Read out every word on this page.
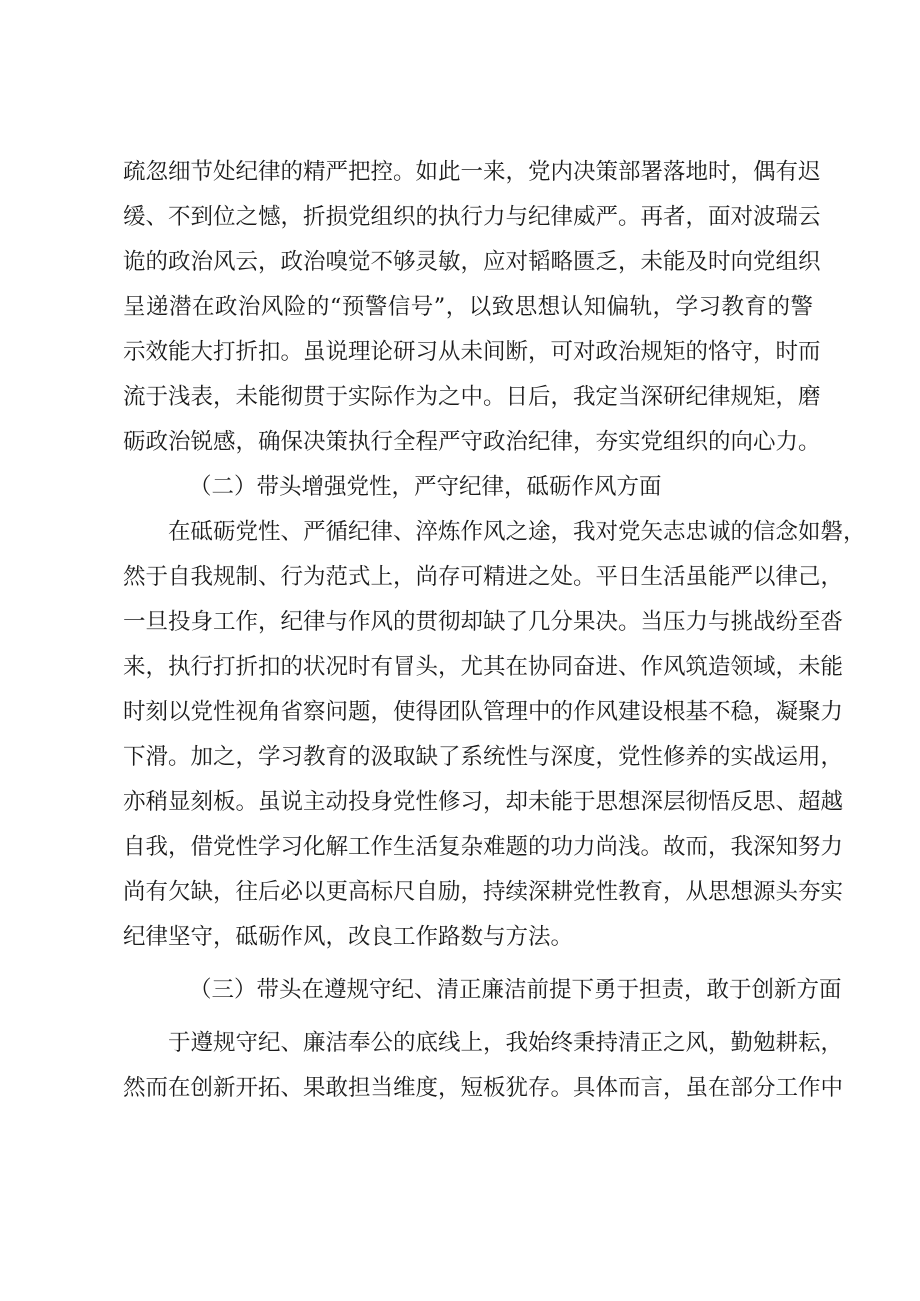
疏忽细节处纪律的精严把控。如此一来，党内决策部署落地时，偶有迟
缓、不到位之憾，折损党组织的执行力与纪律威严。再者，面对波瑞云
诡的政治风云，政治嗅觉不够灵敏，应对韬略匮乏，未能及时向党组织
呈递潜在政治风险的“预警信号”，以致思想认知偏轨，学习教育的警
示效能大打折扣。虽说理论研习从未间断，可对政治规矩的恪守，时而
流于浅表，未能彻贯于实际作为之中。日后，我定当深研纪律规矩，磨
砺政治锐感，确保决策执行全程严守政治纪律，夯实党组织的向心力。
（二）带头增强党性，严守纪律，砥砺作风方面
在砥砺党性、严循纪律、淬炼作风之途，我对党矢志忠诚的信念如磐，
然于自我规制、行为范式上，尚存可精进之处。平日生活虽能严以律己，
一旦投身工作，纪律与作风的贯彻却缺了几分果决。当压力与挑战纷至沓
来，执行打折扣的状况时有冒头，尤其在协同奋进、作风筑造领域，未能
时刻以党性视角省察问题，使得团队管理中的作风建设根基不稳，凝聚力
下滑。加之，学习教育的汲取缺了系统性与深度，党性修养的实战运用，
亦稍显刻板。虽说主动投身党性修习，却未能于思想深层彻悟反思、超越
自我，借党性学习化解工作生活复杂难题的功力尚浅。故而，我深知努力
尚有欠缺，往后必以更高标尺自励，持续深耕党性教育，从思想源头夯实
纪律坚守，砥砺作风，改良工作路数与方法。
（三）带头在遵规守纪、清正廉洁前提下勇于担责，敢于创新方面
于遵规守纪、廉洁奉公的底线上，我始终秉持清正之风，勤勉耕耘，
然而在创新开拓、果敢担当维度，短板犹存。具体而言，虽在部分工作中
